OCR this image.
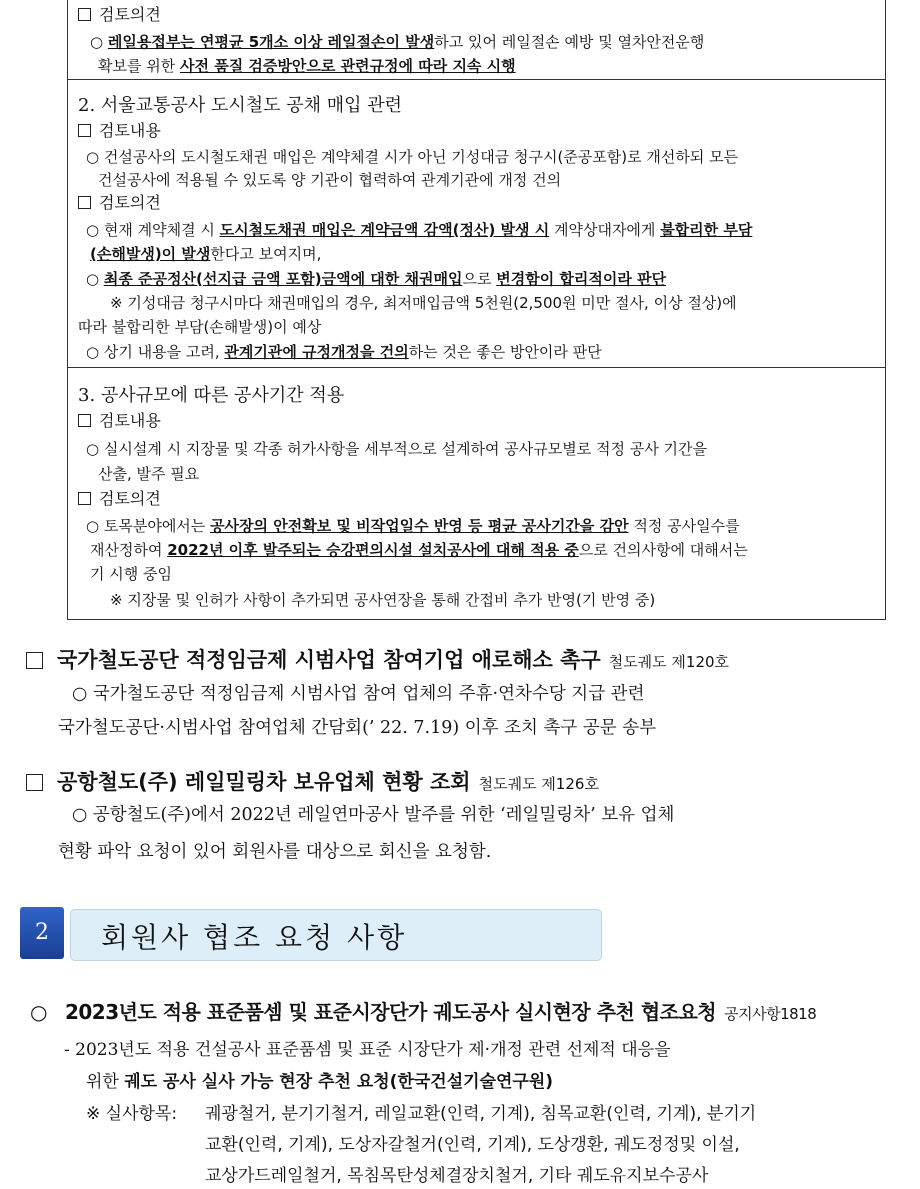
검토의견
○ 레일용접부는 연평균 5개소 이상 레일절손이 발생하고 있어 레일절손 예방 및 열차안전운행
확보를 위한 사전 품질 검증방안으로 관련규정에 따라 지속 시행
2. 서울교통공사 도시철도 공채 매입 관련
검토내용
○ 건설공사의 도시철도채권 매입은 계약체결 시가 아닌 기성대금 청구시(준공포함)로 개선하되 모든
건설공사에 적용될 수 있도록 양 기관이 협력하여 관계기관에 개정 건의
검토의견
○ 현재 계약체결 시 도시철도채권 매입은 계약금액 감액(정산) 발생 시 계약상대자에게 불합리한 부담
(손해발생)이 발생한다고 보여지며,
○ 최종 준공정산(선지급 금액 포함)금액에 대한 채권매입으로 변경함이 합리적이라 판단
※ 기성대금 청구시마다 채권매입의 경우, 최저매입금액 5천원(2,500원 미만 절사, 이상 절상)에
따라 불합리한 부담(손해발생)이 예상
○ 상기 내용을 고려, 관계기관에 규정개정을 건의하는 것은 좋은 방안이라 판단
3. 공사규모에 따른 공사기간 적용
검토내용
○ 실시설계 시 지장물 및 각종 허가사항을 세부적으로 설계하여 공사규모별로 적정 공사 기간을
산출, 발주 필요
검토의견
○ 토목분야에서는 공사장의 안전확보 및 비작업일수 반영 등 평균 공사기간을 감안 적정 공사일수를
재산정하여 2022년 이후 발주되는 승강편의시설 설치공사에 대해 적용 중으로 건의사항에 대해서는
기 시행 중임
※ 지장물 및 인허가 사항이 추가되면 공사연장을 통해 간접비 추가 반영(기 반영 중)
국가철도공단 적정임금제 시범사업 참여기업 애로해소 촉구 철도궤도 제120호
○ 국가철도공단 적정임금제 시범사업 참여 업체의 주휴·연차수당 지급 관련
국가철도공단·시범사업 참여업체 간담회(’ 22. 7.19) 이후 조치 촉구 공문 송부
공항철도(주) 레일밀링차 보유업체 현황 조회 철도궤도 제126호
○ 공항철도(주)에서 2022년 레일연마공사 발주를 위한 ‘레일밀링차’ 보유 업체
현황 파악 요청이 있어 회원사를 대상으로 회신을 요청함.
2	회원사 협조 요청 사항
○ 2023년도 적용 표준품셈 및 표준시장단가 궤도공사 실시현장 추천 협조요청 공지사항1818
- 2023년도 적용 건설공사 표준품셈 및 표준 시장단가 제·개정 관련 선제적 대응을
위한 궤도 공사 실사 가능 현장 추천 요청(한국건설기술연구원)
※ 실사항목: 궤광철거, 분기기철거, 레일교환(인력, 기계), 침목교환(인력, 기계), 분기기
교환(인력, 기계), 도상자갈철거(인력, 기계), 도상갱환, 궤도정정및 이설,
교상가드레일철거, 목침목탄성체결장치철거, 기타 궤도유지보수공사
